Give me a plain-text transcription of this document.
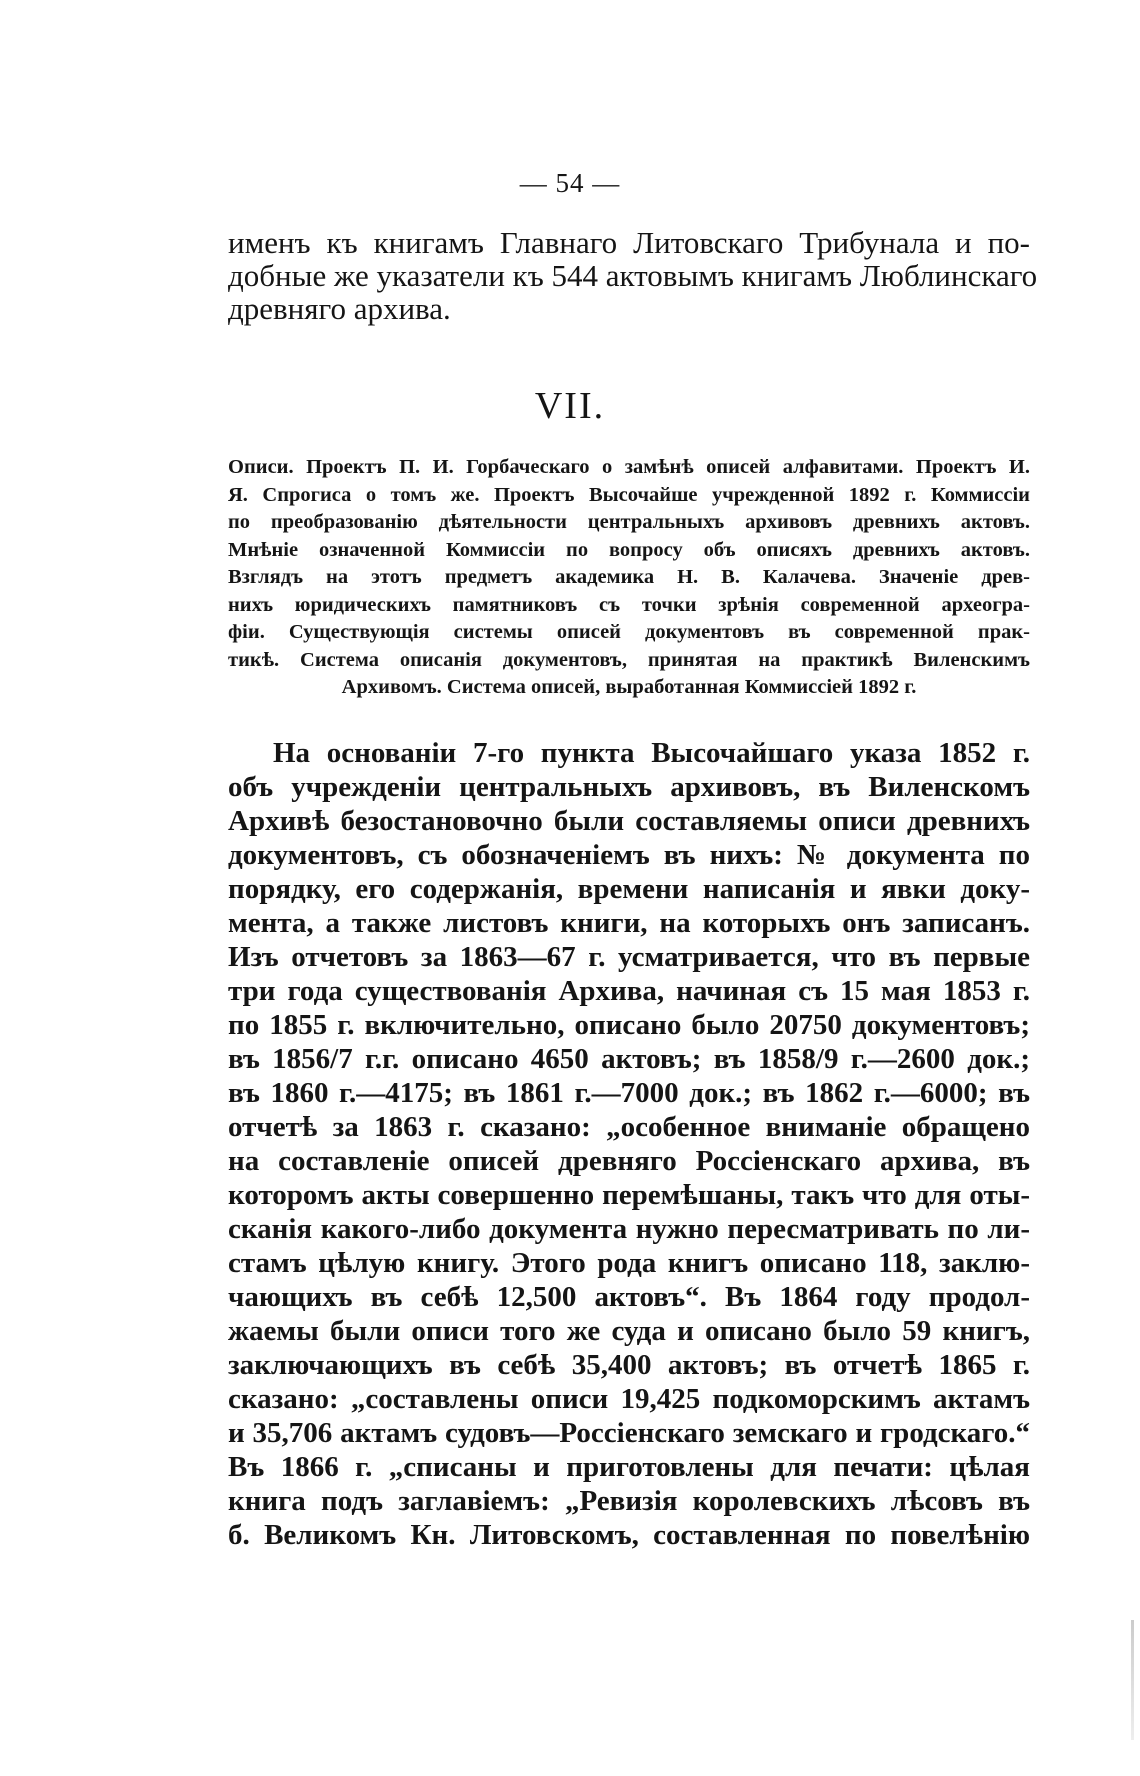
— 54 —
именъ къ книгамъ Главнаго Литовскаго Трибунала и по-
добные же указатели къ 544 актовымъ книгамъ Люблинскаго
древняго архива.
VII.
Описи. Проектъ П. И. Горбаческаго о замѣнѣ описей алфавитами. Проектъ И.
Я. Спрогиса о томъ же. Проектъ Высочайше учрежденной 1892 г. Коммиссіи
по преобразованію дѣятельности центральныхъ архивовъ древнихъ актовъ.
Мнѣніе означенной Коммиссіи по вопросу объ описяхъ древнихъ актовъ.
Взглядъ на этотъ предметъ академика Н. В. Калачева. Значеніе древ-
нихъ юридическихъ памятниковъ съ точки зрѣнія современной археогра-
фіи. Существующія системы описей документовъ въ современной прак-
тикѣ. Система описанія документовъ, принятая на практикѣ Виленскимъ
Архивомъ. Система описей, выработанная Коммиссіей 1892 г.
На основаніи 7-го пункта Высочайшаго указа 1852 г.
объ учрежденіи центральныхъ архивовъ, въ Виленскомъ
Архивѣ безостановочно были составляемы описи древнихъ
документовъ, съ обозначеніемъ въ нихъ: № документа по
порядку, его содержанія, времени написанія и явки доку-
мента, а также листовъ книги, на которыхъ онъ записанъ.
Изъ отчетовъ за 1863—67 г. усматривается, что въ первые
три года существованія Архива, начиная съ 15 мая 1853 г.
по 1855 г. включительно, описано было 20750 документовъ;
въ 1856/7 г.г. описано 4650 актовъ; въ 1858/9 г.—2600 док.;
въ 1860 г.—4175; въ 1861 г.—7000 док.; въ 1862 г.—6000; въ
отчетѣ за 1863 г. сказано: „особенное вниманіе обращено
на составленіе описей древняго Россіенскаго архива, въ
которомъ акты совершенно перемѣшаны, такъ что для оты-
сканія какого-либо документа нужно пересматривать по ли-
стамъ цѣлую книгу. Этого рода книгъ описано 118, заклю-
чающихъ въ себѣ 12,500 актовъ“. Въ 1864 году продол-
жаемы были описи того же суда и описано было 59 книгъ,
заключающихъ въ себѣ 35,400 актовъ; въ отчетѣ 1865 г.
сказано: „составлены описи 19,425 подкоморскимъ актамъ
и 35,706 актамъ судовъ—Россіенскаго земскаго и гродскаго.“
Въ 1866 г. „списаны и приготовлены для печати: цѣлая
книга подъ заглавіемъ: „Ревизія королевскихъ лѣсовъ въ
б. Великомъ Кн. Литовскомъ, составленная по повелѣнію
